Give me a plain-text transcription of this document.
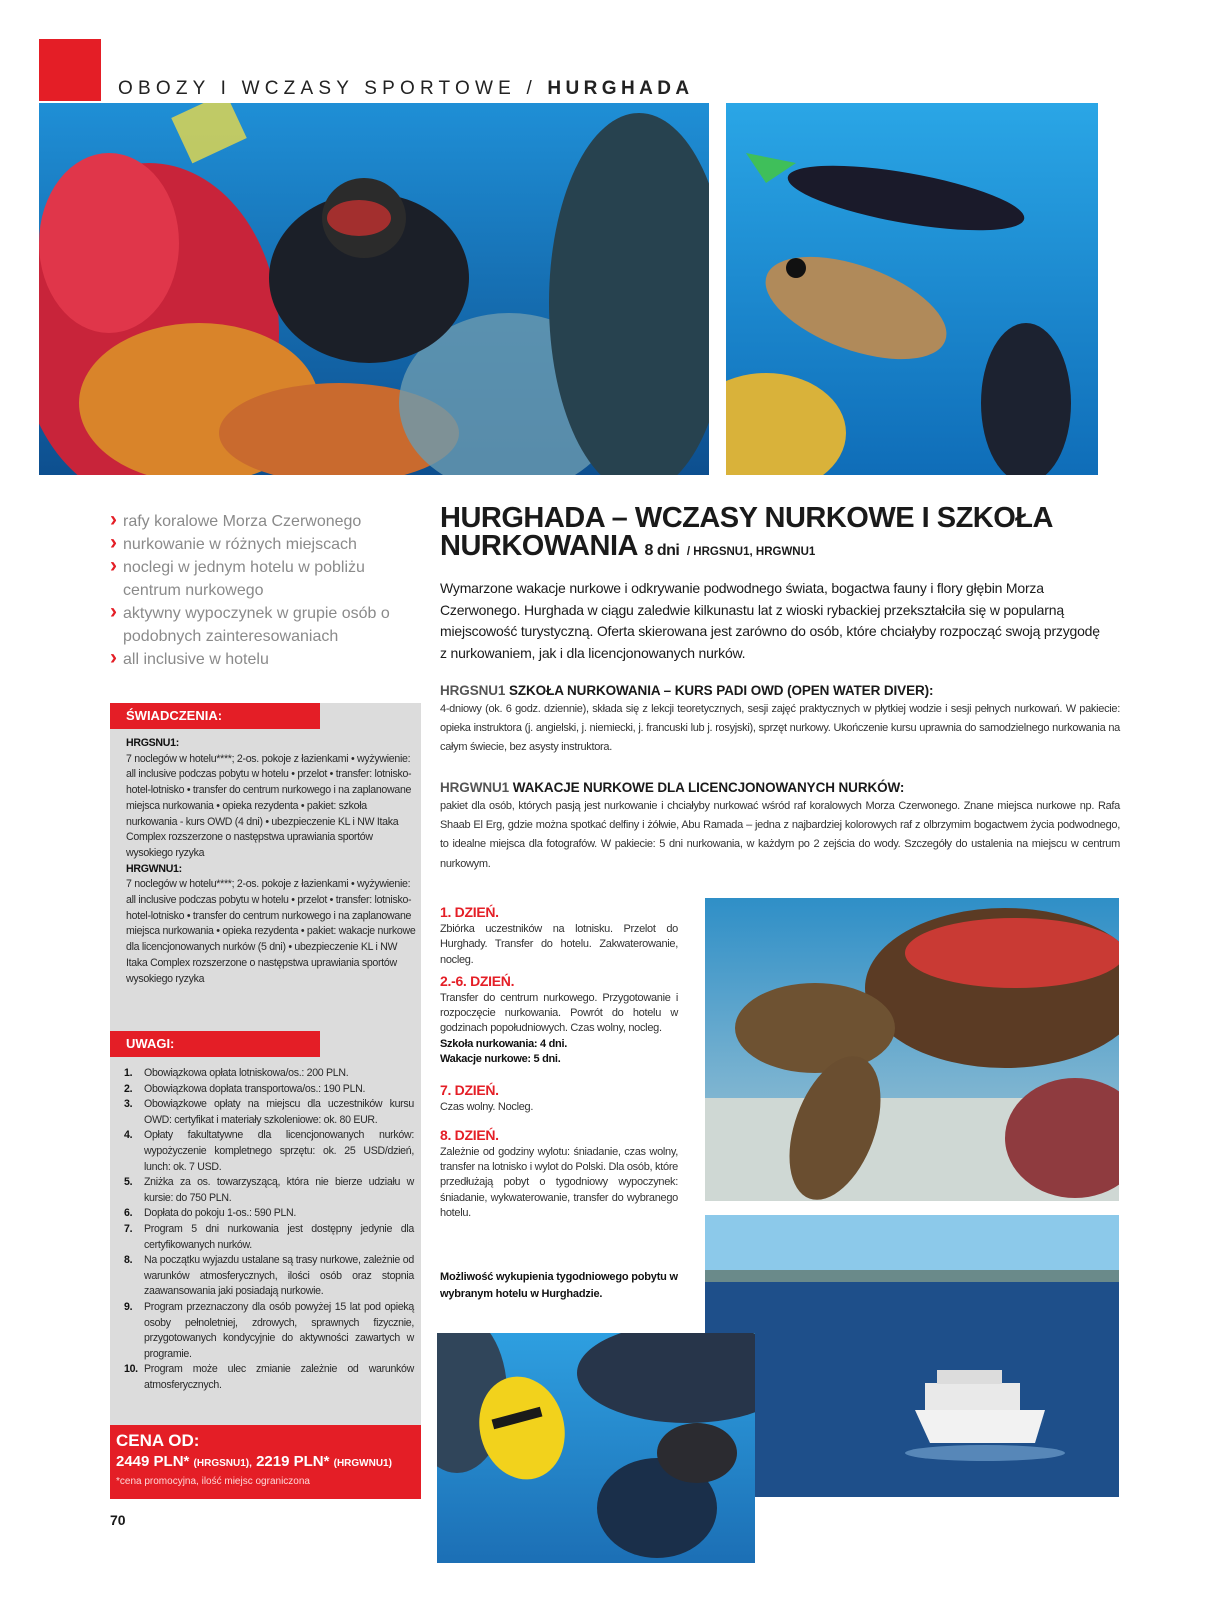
OBOZY I WCZASY SPORTOWE / HURGHADA
› rafy koralowe Morza Czerwonego
› nurkowanie w różnych miejscach
› noclegi w jednym hotelu w pobliżu centrum nurkowego
› aktywny wypoczynek w grupie osób o podobnych zainteresowaniach
› all inclusive w hotelu
ŚWIADCZENIA:
HRGSNU1:
7 noclegów w hotelu****; 2-os. pokoje z łazienkami • wyżywienie: all inclusive podczas pobytu w hotelu • przelot • transfer: lotnisko-hotel-lotnisko • transfer do centrum nurkowego i na zaplanowane miejsca nurkowania • opieka rezydenta • pakiet: szkoła nurkowania - kurs OWD (4 dni) • ubezpieczenie KL i NW Itaka Complex rozszerzone o następstwa uprawiania sportów wysokiego ryzyka
HRGWNU1:
7 noclegów w hotelu****; 2-os. pokoje z łazienkami • wyżywienie: all inclusive podczas pobytu w hotelu • przelot • transfer: lotnisko-hotel-lotnisko • transfer do centrum nurkowego i na zaplanowane miejsca nurkowania • opieka rezydenta • pakiet: wakacje nurkowe dla licencjonowanych nurków (5 dni) • ubezpieczenie KL i NW Itaka Complex rozszerzone o następstwa uprawiania sportów wysokiego ryzyka
UWAGI:
1.	Obowiązkowa opłata lotniskowa/os.: 200 PLN.
2.	Obowiązkowa dopłata transportowa/os.: 190 PLN.
3.	Obowiązkowe opłaty na miejscu dla uczestników kursu OWD: certyfikat i materiały szkoleniowe: ok. 80 EUR.
4.	Opłaty fakultatywne dla licencjonowanych nurków: wypożyczenie kompletnego sprzętu: ok. 25 USD/dzień, lunch: ok. 7 USD.
5.	Zniżka za os. towarzyszącą, która nie bierze udziału w kursie: do 750 PLN.
6.	Dopłata do pokoju 1-os.: 590 PLN.
7.	Program 5 dni nurkowania jest dostępny jedynie dla certyfikowanych nurków.
8.	Na początku wyjazdu ustalane są trasy nurkowe, zależnie od warunków atmosferycznych, ilości osób oraz stopnia zaawansowania jaki posiadają nurkowie.
9.	Program przeznaczony dla osób powyżej 15 lat pod opieką osoby pełnoletniej, zdrowych, sprawnych fizycznie, przygotowanych kondycyjnie do aktywności zawartych w programie.
10. Program może ulec zmianie zależnie od warunków atmosferycznych.
CENA OD:
2449 PLN* (HRGSNU1), 2219 PLN* (HRGWNU1)
*cena promocyjna, ilość miejsc ograniczona
70
HURGHADA – WCZASY NURKOWE I SZKOŁA NURKOWANIA 8 dni / HRGSNU1, HRGWNU1
Wymarzone wakacje nurkowe i odkrywanie podwodnego świata, bogactwa fauny i flory głębin Morza Czerwonego. Hurghada w ciągu zaledwie kilkunastu lat z wioski rybackiej przekształciła się w popularną miejscowość turystyczną. Oferta skierowana jest zarówno do osób, które chciałyby rozpocząć swoją przygodę z nurkowaniem, jak i dla licencjonowanych nurków.
HRGSNU1 SZKOŁA NURKOWANIA – KURS PADI OWD (OPEN WATER DIVER):
4-dniowy (ok. 6 godz. dziennie), składa się z lekcji teoretycznych, sesji zajęć praktycznych w płytkiej wodzie i sesji pełnych nurkowań. W pakiecie: opieka instruktora (j. angielski, j. niemiecki, j. francuski lub j. rosyjski), sprzęt nurkowy. Ukończenie kursu uprawnia do samodzielnego nurkowania na całym świecie, bez asysty instruktora.
HRGWNU1 WAKACJE NURKOWE DLA LICENCJONOWANYCH NURKÓW:
pakiet dla osób, których pasją jest nurkowanie i chciałyby nurkować wśród raf koralowych Morza Czerwonego. Znane miejsca nurkowe np. Rafa Shaab El Erg, gdzie można spotkać delfiny i żółwie, Abu Ramada – jedna z najbardziej kolorowych raf z olbrzymim bogactwem życia podwodnego, to idealne miejsca dla fotografów. W pakiecie: 5 dni nurkowania, w każdym po 2 zejścia do wody. Szczegóły do ustalenia na miejscu w centrum nurkowym.
1. DZIEŃ.
Zbiórka uczestników na lotnisku. Przelot do Hurghady. Transfer do hotelu. Zakwaterowanie, nocleg.
2.-6. DZIEŃ.
Transfer do centrum nurkowego. Przygotowanie i rozpoczęcie nurkowania. Powrót do hotelu w godzinach popołudniowych. Czas wolny, nocleg.
Szkoła nurkowania: 4 dni.
Wakacje nurkowe: 5 dni.
7. DZIEŃ.
Czas wolny. Nocleg.
8. DZIEŃ.
Zależnie od godziny wylotu: śniadanie, czas wolny, transfer na lotnisko i wylot do Polski. Dla osób, które przedłużają pobyt o tygodniowy wypoczynek: śniadanie, wykwaterowanie, transfer do wybranego hotelu.
Możliwość wykupienia tygodniowego pobytu w wybranym hotelu w Hurghadzie.
